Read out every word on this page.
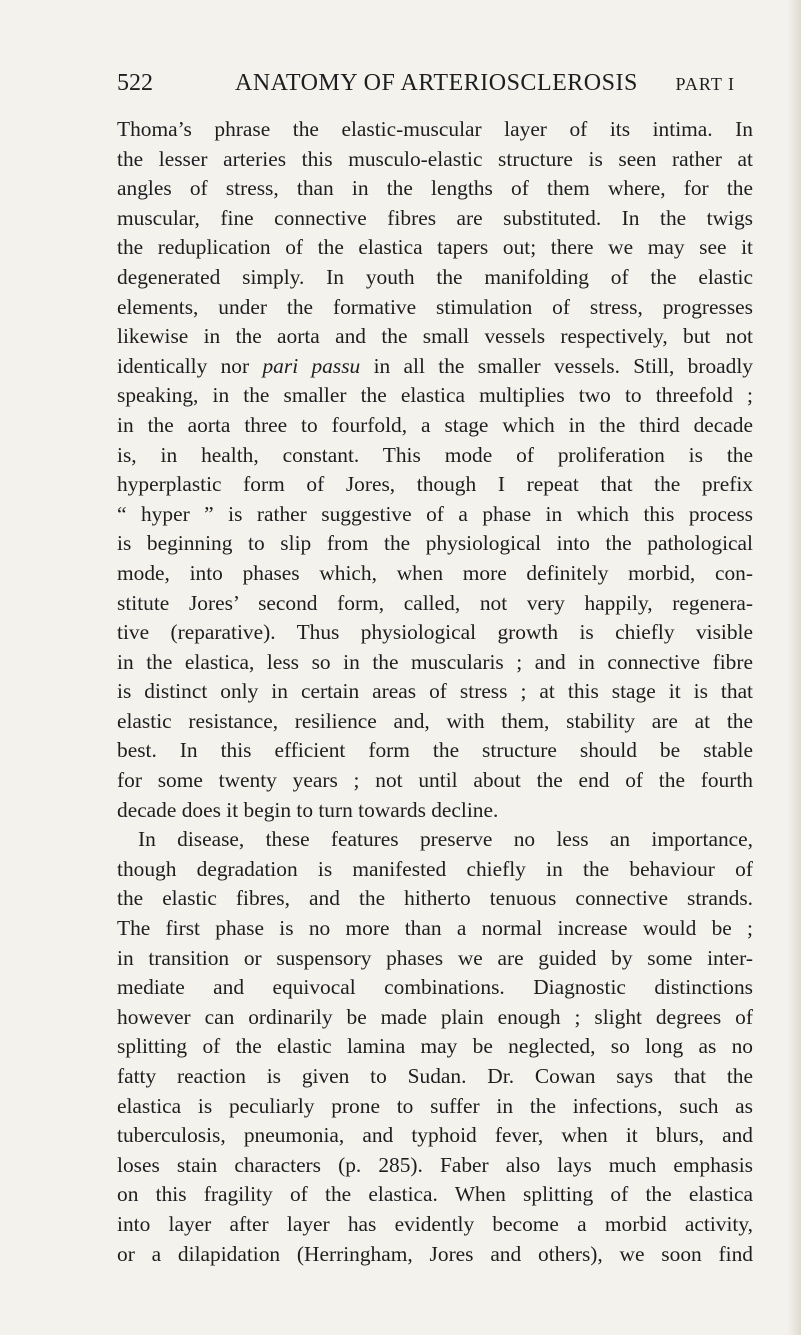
522	ANATOMY OF ARTERIOSCLEROSIS PART I
Thoma’s phrase the elastic-muscular layer of its intima. In
the lesser arteries this musculo-elastic structure is seen rather at
angles of stress, than in the lengths of them where, for the
muscular, fine connective fibres are substituted. In the twigs
the reduplication of the elastica tapers out; there we may see it
degenerated simply. In youth the manifolding of the elastic
elements, under the formative stimulation of stress, progresses
likewise in the aorta and the small vessels respectively, but not
identically nor pari passu in all the smaller vessels. Still, broadly
speaking, in the smaller the elastica multiplies two to threefold ;
in the aorta three to fourfold, a stage which in the third decade
is, in health, constant. This mode of proliferation is the
hyperplastic form of Jores, though I repeat that the prefix
“ hyper ” is rather suggestive of a phase in which this process
is beginning to slip from the physiological into the pathological
mode, into phases which, when more definitely morbid, con-
stitute Jores’ second form, called, not very happily, regenera-
tive (reparative). Thus physiological growth is chiefly visible
in the elastica, less so in the muscularis ; and in connective fibre
is distinct only in certain areas of stress ; at this stage it is that
elastic resistance, resilience and, with them, stability are at the
best. In this efficient form the structure should be stable
for some twenty years ; not until about the end of the fourth
decade does it begin to turn towards decline.
In disease, these features preserve no less an importance,
though degradation is manifested chiefly in the behaviour of
the elastic fibres, and the hitherto tenuous connective strands.
The first phase is no more than a normal increase would be ;
in transition or suspensory phases we are guided by some inter-
mediate and equivocal combinations. Diagnostic distinctions
however can ordinarily be made plain enough ; slight degrees of
splitting of the elastic lamina may be neglected, so long as no
fatty reaction is given to Sudan. Dr. Cowan says that the
elastica is peculiarly prone to suffer in the infections, such as
tuberculosis, pneumonia, and typhoid fever, when it blurs, and
loses stain characters (p. 285). Faber also lays much emphasis
on this fragility of the elastica. When splitting of the elastica
into layer after layer has evidently become a morbid activity,
or a dilapidation (Herringham, Jores and others), we soon find
